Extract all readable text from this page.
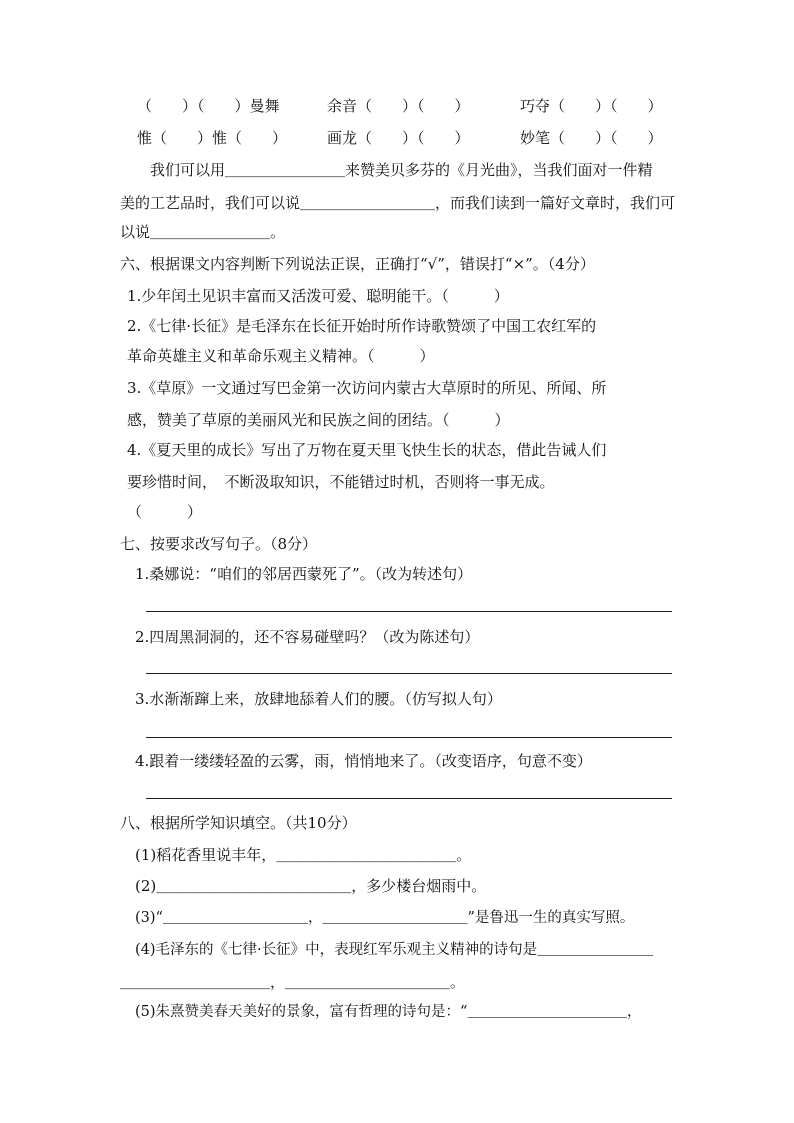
（　　）（　　）曼舞	余音（　　）（　　）	巧夺（　　）（　　）
惟（　　）惟（　　）	画龙（　　）（　　）	妙笔（　　）（　　）
我们可以用＿＿＿＿＿＿＿＿来赞美贝多芬的《月光曲》，当我们面对一件精
美的工艺品时，我们可以说＿＿＿＿＿＿＿＿＿，而我们读到一篇好文章时，我们可
以说＿＿＿＿＿＿＿＿。
六、根据课文内容判断下列说法正误，正确打“√”，错误打“×”。（4分）
1.少年闰土见识丰富而又活泼可爱、聪明能干。（　　　）
2.《七律·长征》是毛泽东在长征开始时所作诗歌赞颂了中国工农红军的
革命英雄主义和革命乐观主义精神。（　　　）
3.《草原》一文通过写巴金第一次访问内蒙古大草原时的所见、所闻、所
感，赞美了草原的美丽风光和民族之间的团结。（　　　）
4.《夏天里的成长》写出了万物在夏天里飞快生长的状态，借此告诫人们
要珍惜时间，　不断汲取知识，不能错过时机，否则将一事无成。
（　　　）
七、按要求改写句子。（8分）
1.桑娜说：“咱们的邻居西蒙死了”。（改为转述句）
2.四周黑洞洞的，还不容易碰壁吗？（改为陈述句）
3.水渐渐蹿上来，放肆地舔着人们的腰。（仿写拟人句）
4.跟着一缕缕轻盈的云雾，雨，悄悄地来了。（改变语序，句意不变）
八、根据所学知识填空。（共10分）
(1)稻花香里说丰年，＿＿＿＿＿＿＿＿＿＿＿＿。
(2)＿＿＿＿＿＿＿＿＿＿＿＿＿，多少楼台烟雨中。
(3)“＿＿＿＿＿＿＿＿＿＿，＿＿＿＿＿＿＿＿＿＿”是鲁迅一生的真实写照。
(4)毛泽东的《七律·长征》中，表现红军乐观主义精神的诗句是＿＿＿＿＿＿＿＿
＿＿＿＿＿＿＿＿＿＿，＿＿＿＿＿＿＿＿＿＿＿。
(5)朱熹赞美春天美好的景象，富有哲理的诗句是：“＿＿＿＿＿＿＿＿＿＿＿，
